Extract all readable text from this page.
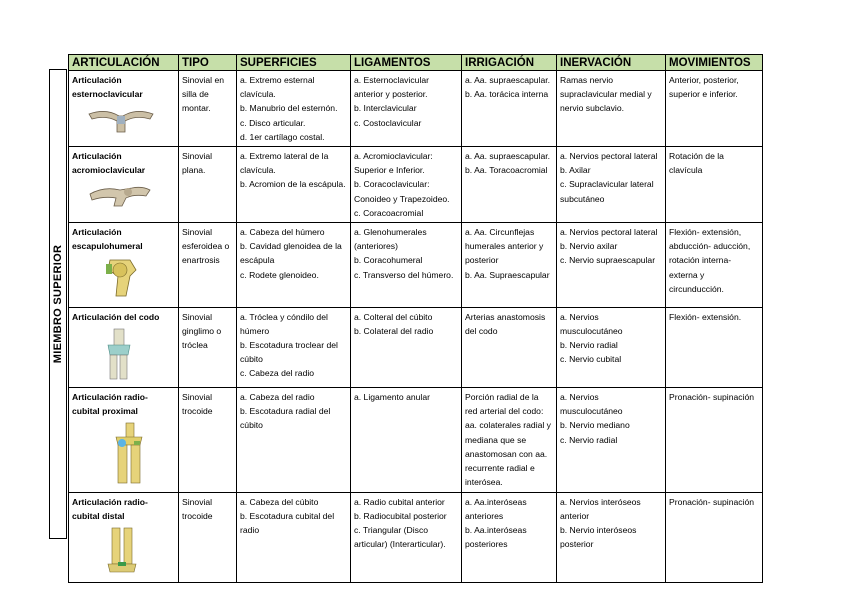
MIEMBRO SUPERIOR
ARTICULACIÓN	TIPO	SUPERFICIES	LIGAMENTOS	IRRIGACIÓN	INERVACIÓN	MOVIMIENTOS

Articulación esternoclavicular	Sinovial en silla de montar.	a. Extremo esternal clavícula.
b. Manubrio del esternón.
c. Disco articular.
d. 1er cartílago costal.	a. Esternoclavicular anterior y posterior.
b. Interclavicular
c. Costoclavicular	a. Aa. supraescapular.
b. Aa. torácica interna	Ramas nervio supraclavicular medial y nervio subclavio.	Anterior, posterior, superior e inferior.

Articulación acromioclavicular	Sinovial plana.	a. Extremo lateral de la clavícula.
b. Acromion de la escápula.	a. Acromioclavicular: Superior e Inferior.
b. Coracoclavicular: Conoideo y Trapezoideo.
c. Coracoacromial	a. Aa. supraescapular.
b. Aa. Toracoacromial	a. Nervios pectoral lateral
b. Axilar
c. Supraclavicular lateral subcutáneo	Rotación de la clavícula

Articulación escapulohumeral	Sinovial esferoidea o enartrosis	a. Cabeza del húmero
b. Cavidad glenoidea de la escápula
c. Rodete glenoideo.	a. Glenohumerales (anteriores)
b. Coracohumeral
c. Transverso del húmero.	a. Aa. Circunflejas humerales anterior y posterior
b. Aa. Supraescapular	a. Nervios pectoral lateral
b. Nervio axilar
c. Nervio supraescapular	Flexión- extensión, abducción- aducción, rotación interna-externa y circunducción.

Articulación del codo	Sinovial ginglimo o tróclea	a. Tróclea y cóndilo del húmero
b. Escotadura troclear del cúbito
c. Cabeza del radio	a. Colteral del cúbito
b. Colateral del radio	Arterias anastomosis del codo	a. Nervios musculocutáneo
b. Nervio radial
c. Nervio cubital	Flexión- extensión.

Articulación radio-cubital proximal	Sinovial trocoide	a. Cabeza del radio
b. Escotadura radial del cúbito	a. Ligamento anular	Porción radial de la red arterial del codo: aa. colaterales radial y mediana que se anastomosan con aa. recurrente radial e interósea.	a. Nervios musculocutáneo
b. Nervio mediano
c. Nervio radial	Pronación- supinación

Articulación radio-cubital distal	Sinovial trocoide	a. Cabeza del cúbito
b. Escotadura cubital del radio	a. Radio cubital anterior
b. Radiocubital posterior
c. Triangular (Disco articular) (Interarticular).	a. Aa.interóseas anteriores
b. Aa.interóseas posteriores	a. Nervios interóseos anterior
b. Nervio interóseos posterior	Pronación- supinación
